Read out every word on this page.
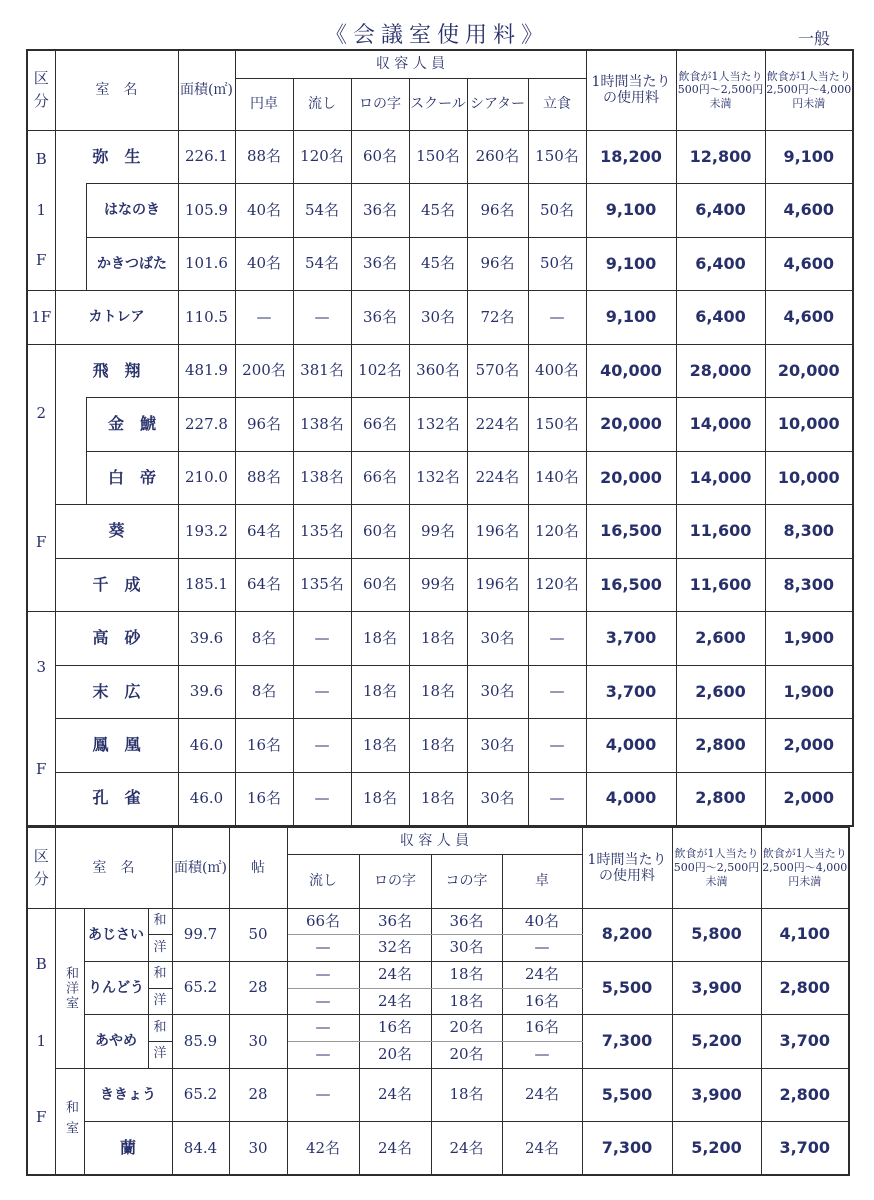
《会議室使用料》	一般
区分	室　名		面積(㎡)	収 容 人 員						1時間当たりの使用料	飲食が1人当たり500円〜2,500円未満	飲食が1人当たり2,500円〜4,000円未満
				円卓	流し	ロの字	スクール	シアター	立食			

B
1
F	弥　生		226.1	88名	120名	60名	150名	260名	150名	18,200	12,800	9,100
		はなのき	105.9	40名	54名	36名	45名	96名	50名	9,100	6,400	4,600
		かきつばた	101.6	40名	54名	36名	45名	96名	50名	9,100	6,400	4,600
1F	カトレア		110.5	—	—	36名	30名	72名	—	9,100	6,400	4,600

2
F	飛　翔		481.9	200名	381名	102名	360名	570名	400名	40,000	28,000	20,000
		金　鯱	227.8	96名	138名	66名	132名	224名	150名	20,000	14,000	10,000
		白　帝	210.0	88名	138名	66名	132名	224名	140名	20,000	14,000	10,000
	葵		193.2	64名	135名	60名	99名	196名	120名	16,500	11,600	8,300
	千　成		185.1	64名	135名	60名	99名	196名	120名	16,500	11,600	8,300

3
F	高　砂		39.6	8名	—	18名	18名	30名	—	3,700	2,600	1,900
	末　広		39.6	8名	—	18名	18名	30名	—	3,700	2,600	1,900
	鳳　凰		46.0	16名	—	18名	18名	30名	—	4,000	2,800	2,000
	孔　雀		46.0	16名	—	18名	18名	30名	—	4,000	2,800	2,000
区分	室　名			面積(㎡)	帖	収 容 人 員				1時間当たりの使用料	飲食が1人当たり500円〜2,500円未満	飲食が1人当たり2,500円〜4,000円未満
						流し	ロの字	コの字	卓			

B
1
F	和洋室	あじさい	和	99.7	50	66名	36名	36名	40名	8,200	5,800	4,100
			洋			—	32名	30名	—			
		りんどう	和	65.2	28	—	24名	18名	24名	5,500	3,900	2,800
			洋			—	24名	18名	16名			
		あやめ	和	85.9	30	—	16名	20名	16名	7,300	5,200	3,700
			洋			—	20名	20名	—			
	和室	ききょう		65.2	28	—	24名	18名	24名	5,500	3,900	2,800
		蘭		84.4	30	42名	24名	24名	24名	7,300	5,200	3,700
